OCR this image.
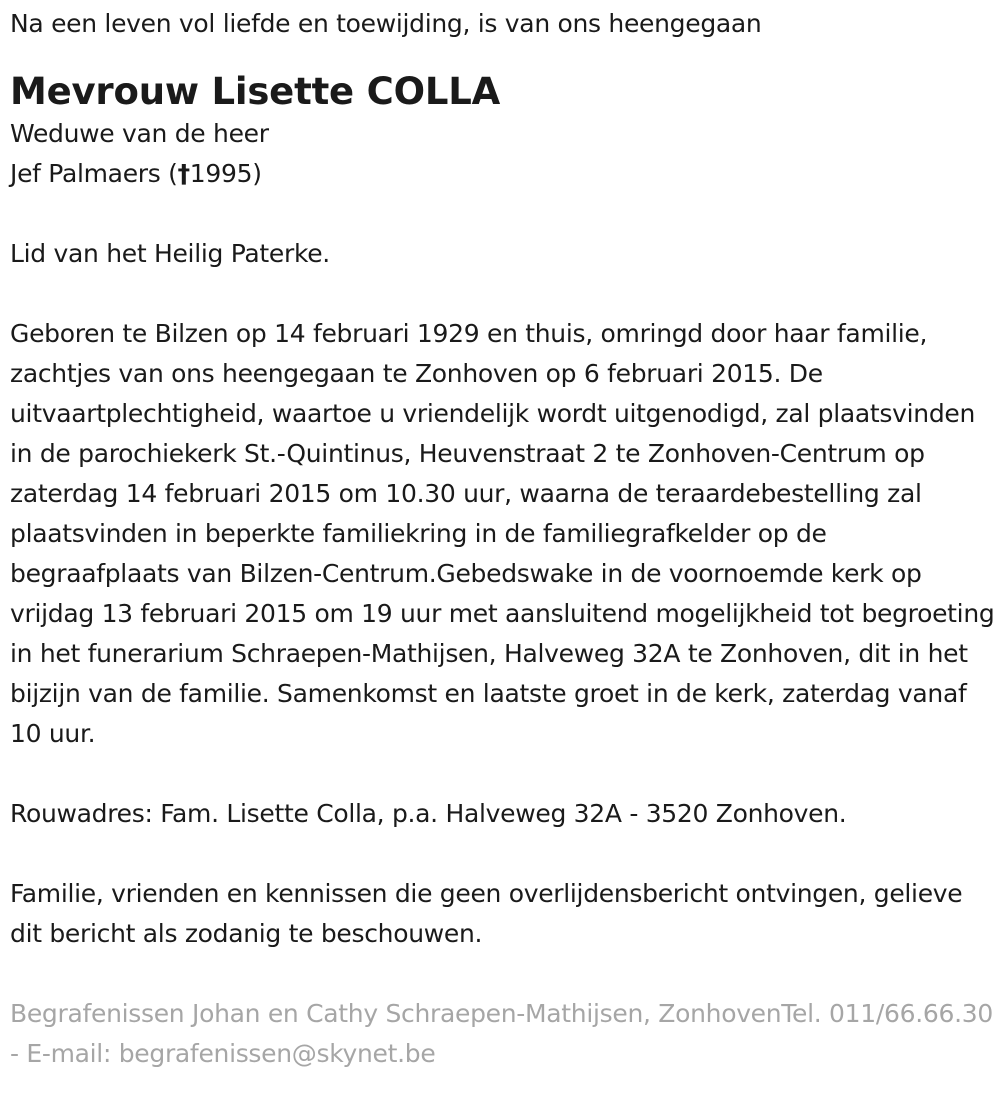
Na een leven vol liefde en toewijding, is van ons heengegaan

Mevrouw Lisette COLLA

Weduwe van de heer

Jef Palmaers (†1995)

Lid van het Heilig Paterke.

Geboren te Bilzen op 14 februari 1929 en thuis, omringd door haar familie, zachtjes van ons heengegaan te Zonhoven op 6 februari 2015. De uitvaartplechtigheid, waartoe u vriendelijk wordt uitgenodigd, zal plaatsvinden in de parochiekerk St.-Quintinus, Heuvenstraat 2 te Zonhoven-Centrum op zaterdag 14 februari 2015 om 10.30 uur, waarna de teraardebestelling zal plaatsvinden in beperkte familiekring in de familiegrafkelder op de begraafplaats van Bilzen-Centrum.Gebedswake in de voornoemde kerk op vrijdag 13 februari 2015 om 19 uur met aansluitend mogelijkheid tot begroeting in het funerarium Schraepen-Mathijsen, Halveweg 32A te Zonhoven, dit in het bijzijn van de familie. Samenkomst en laatste groet in de kerk, zaterdag vanaf 10 uur.

Rouwadres: Fam. Lisette Colla, p.a. Halveweg 32A - 3520 Zonhoven.

Familie, vrienden en kennissen die geen overlijdensbericht ontvingen, gelieve dit bericht als zodanig te beschouwen.

Begrafenissen Johan en Cathy Schraepen-Mathijsen, ZonhovenTel. 011/66.66.30 - E-mail: begrafenissen@skynet.be
